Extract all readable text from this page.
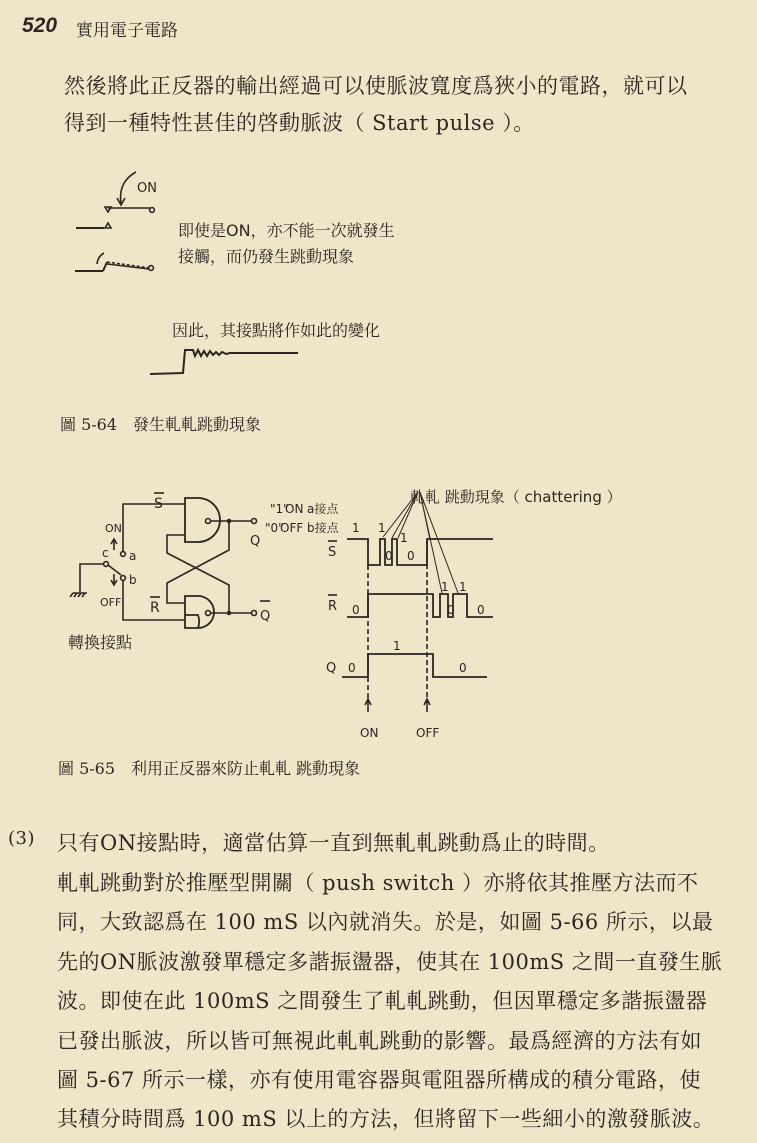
520 實用電子電路
然後將此正反器的輸出經過可以使脈波寬度爲狹小的電路，就可以
得到一種特性甚佳的啓動脈波（ Start pulse ）。
ON
即使是ON，亦不能一次就發生
接觸，而仍發生跳動現象
因此，其接點將作如此的變化
S
Q
Q
R
c a
b
ON
OFF
"1"
ON a接点
"0"
OFF b接点
轉換接點
軋軋 跳動現象（ chattering ）
S
1 1
0
1
0
R 0
1
0
1
0
Q 0
1
0
ON	OFF
圖 5-64　發生軋軋跳動現象
圖 5-65　利用正反器來防止軋軋 跳動現象
(3) 只有ON接點時，適當估算一直到無軋軋跳動爲止的時間。
軋軋跳動對於推壓型開關（ push switch ）亦將依其推壓方法而不
同，大致認爲在 100 mS 以內就消失。於是，如圖 5-66 所示，以最
先的ON脈波激發單穩定多諧振盪器，使其在 100mS 之間一直發生脈
波。即使在此 100mS 之間發生了軋軋跳動，但因單穩定多諧振盪器
已發出脈波，所以皆可無視此軋軋跳動的影響。最爲經濟的方法有如
圖 5-67 所示一樣，亦有使用電容器與電阻器所構成的積分電路，使
其積分時間爲 100 mS 以上的方法，但將留下一些細小的激發脈波。
